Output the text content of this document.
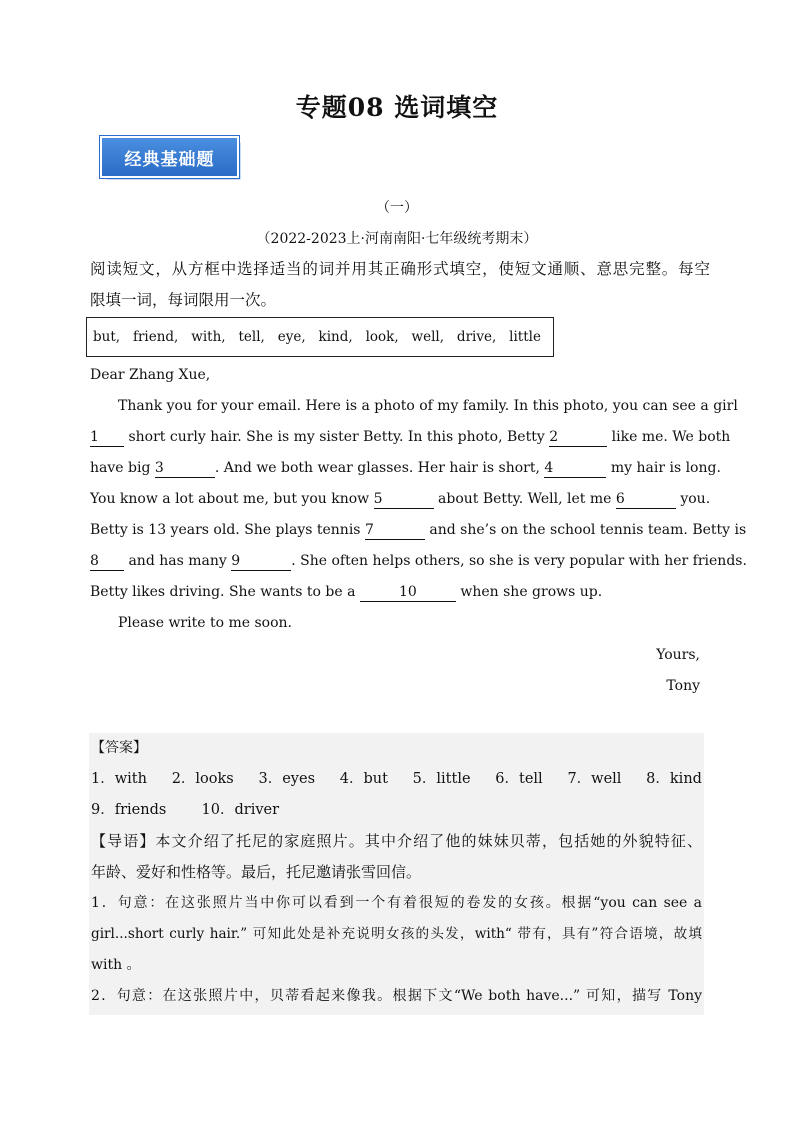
专题08 选词填空
经典基础题
（一）
（2022-2023上·河南南阳·七年级统考期末）
阅读短文，从方框中选择适当的词并用其正确形式填空，使短文通顺、意思完整。每空
限填一词，每词限用一次。
but, friend, with, tell, eye, kind, look, well, drive, little
Dear Zhang Xue,
Thank you for your email. Here is a photo of my family. In this photo, you can see a girl
1 short curly hair. She is my sister Betty. In this photo, Betty 2	like me. We both
have big 3	. And we both wear glasses. Her hair is short, 4	my hair is long.
You know a lot about me, but you know 5	about Betty. Well, let me 6	you.
Betty is 13 years old. She plays tennis 7	and she’s on the school tennis team. Betty is
8 and has many 9	. She often helps others, so she is very popular with her friends.
Betty likes driving. She wants to be a	10	when she grows up.
Please write to me soon.
Yours,
Tony
【答案】
1．with 2．looks 3．eyes 4．but 5．little 6．tell 7．well 8．kind
9．friends 10．driver
【导语】本文介绍了托尼的家庭照片。其中介绍了他的妹妹贝蒂，包括她的外貌特征、
年龄、爱好和性格等。最后，托尼邀请张雪回信。
1．句意：在这张照片当中你可以看到一个有着很短的卷发的女孩。根据“you can see a
girl...short curly hair.” 可知此处是补充说明女孩的头发，with“ 带有，具有”符合语境，故填
with 。
2．句意：在这张照片中，贝蒂看起来像我。根据下文“We both have...” 可知，描写 Tony
